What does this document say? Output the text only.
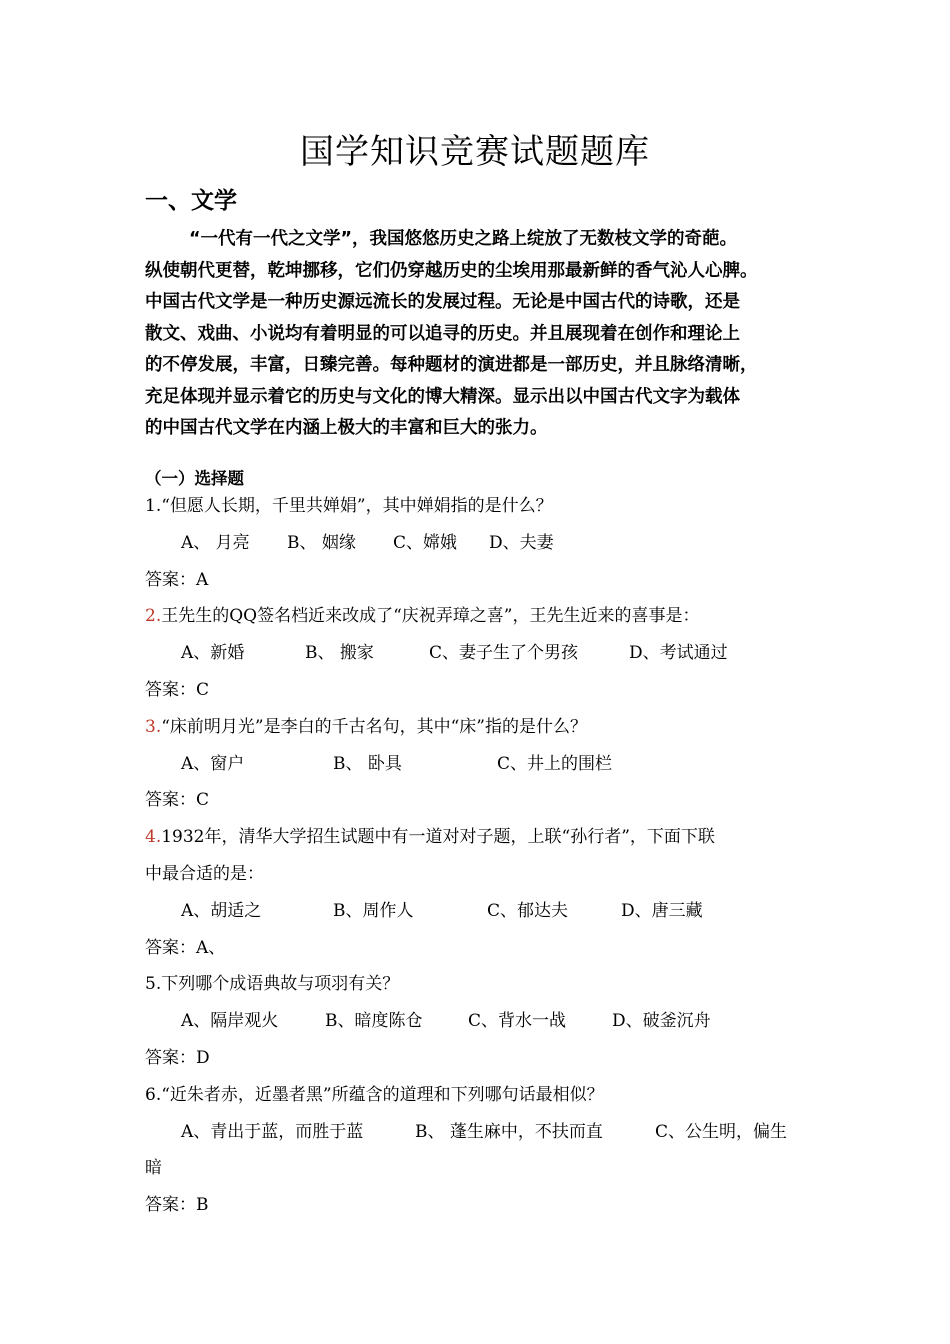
国学知识竞赛试题题库
一、文学
“一代有一代之文学”，我国悠悠历史之路上绽放了无数枝文学的奇葩。
纵使朝代更替，乾坤挪移，它们仍穿越历史的尘埃用那最新鲜的香气沁人心脾。
中国古代文学是一种历史源远流长的发展过程。无论是中国古代的诗歌，还是
散文、戏曲、小说均有着明显的可以追寻的历史。并且展现着在创作和理论上
的不停发展，丰富，日臻完善。每种题材的演进都是一部历史，并且脉络清晰，
充足体现并显示着它的历史与文化的博大精深。显示出以中国古代文字为载体
的中国古代文学在内涵上极大的丰富和巨大的张力。
（一）选择题
1.“但愿人长期，千里共婵娟”，其中婵娟指的是什么？
A、 月亮 B、 姻缘 C、嫦娥 D、夫妻
答案：A
2.王先生的QQ签名档近来改成了“庆祝弄璋之喜”，王先生近来的喜事是：
A、新婚	B、 搬家	C、妻子生了个男孩	D、考试通过
答案：C
3.“床前明月光”是李白的千古名句，其中“床”指的是什么？
A、窗户	B、 卧具	C、井上的围栏
答案：C
4.1932年，清华大学招生试题中有一道对对子题，上联“孙行者”，下面下联
中最合适的是：
A、胡适之	B、周作人	C、郁达夫	D、唐三藏
答案：A、
5.下列哪个成语典故与项羽有关？
A、隔岸观火	B、暗度陈仓	C、背水一战	D、破釜沉舟
答案：D
6.“近朱者赤，近墨者黑”所蕴含的道理和下列哪句话最相似？
A、青出于蓝，而胜于蓝	B、 蓬生麻中，不扶而直	C、公生明，偏生
暗
答案：B
